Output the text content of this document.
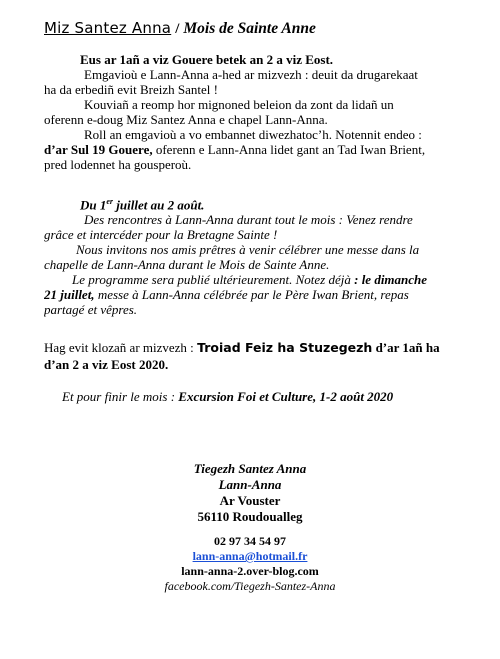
Miz Santez Anna / Mois de Sainte Anne
Eus ar 1añ a viz Gouere betek an 2 a viz Eost.
Emgavioù e Lann-Anna a-hed ar mizvezh : deuit da drugarekaat
ha da erbediñ evit Breizh Santel !
Kouviañ a reomp hor mignoned beleion da zont da lidañ un
oferenn e-doug Miz Santez Anna e chapel Lann-Anna.
Roll an emgavioù a vo embannet diwezhatoc’h. Notennit endeo :
d’ar Sul 19 Gouere, oferenn e Lann-Anna lidet gant an Tad Iwan Brient,
pred lodennet ha gousperoù.
Du 1er juillet au 2 août.
Des rencontres à Lann-Anna durant tout le mois : Venez rendre
grâce et intercéder pour la Bretagne Sainte !
Nous invitons nos amis prêtres à venir célébrer une messe dans la
chapelle de Lann-Anna durant le Mois de Sainte Anne.
Le programme sera publié ultérieurement. Notez déjà : le dimanche
21 juillet, messe à Lann-Anna célébrée par le Père Iwan Brient, repas
partagé et vêpres.
Hag evit klozañ ar mizvezh : Troiad Feiz ha Stuzegezh d’ar 1añ ha
d’an 2 a viz Eost 2020.
Et pour finir le mois : Excursion Foi et Culture, 1-2 août 2020
Tiegezh Santez Anna
Lann-Anna
Ar Vouster
56110 Roudoualleg
02 97 34 54 97
lann-anna@hotmail.fr
lann-anna-2.over-blog.com
facebook.com/Tiegezh-Santez-Anna
